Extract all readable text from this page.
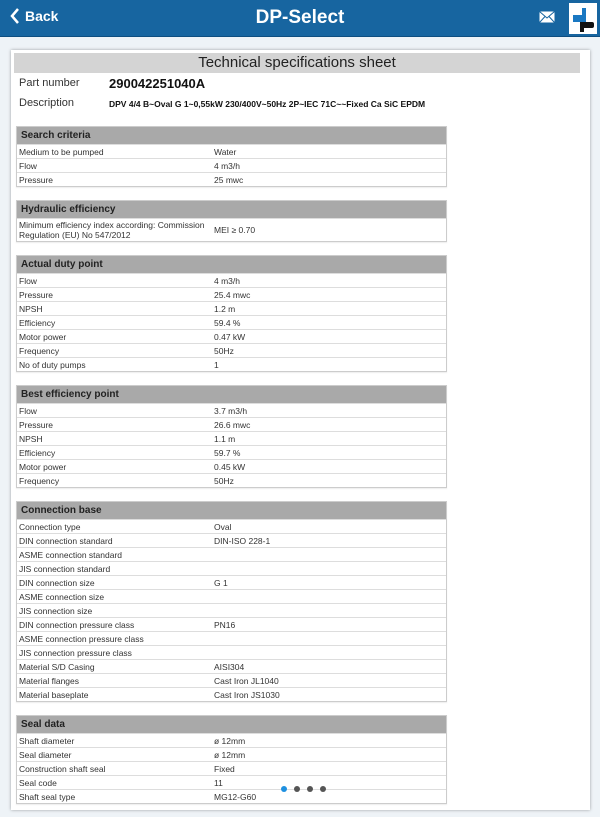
Back	DP-Select
Technical specifications sheet
Part number 290042251040A
Description	DPV 4/4 B~Oval G 1~0,55kW 230/400V~50Hz 2P~IEC 71C~~Fixed Ca SiC EPDM
Search criteria
Medium to be pumped	Water
Flow	4 m3/h
Pressure	25 mwc
Hydraulic efficiency
Minimum efficiency index according: Commission Regulation (EU) No 547/2012	MEI ≥ 0.70
Actual duty point
Flow	4 m3/h
Pressure	25.4 mwc
NPSH	1.2 m
Efficiency	59.4 %
Motor power	0.47 kW
Frequency	50Hz
No of duty pumps	1
Best efficiency point
Flow	3.7 m3/h
Pressure	26.6 mwc
NPSH	1.1 m
Efficiency	59.7 %
Motor power	0.45 kW
Frequency	50Hz
Connection base
Connection type	Oval
DIN connection standard	DIN-ISO 228-1
ASME connection standard
JIS connection standard
DIN connection size	G 1
ASME connection size
JIS connection size
DIN connection pressure class	PN16
ASME connection pressure class
JIS connection pressure class
Material S/D Casing	AISI304
Material flanges	Cast Iron JL1040
Material baseplate	Cast Iron JS1030
Seal data
Shaft diameter	ø 12mm
Seal diameter	ø 12mm
Construction shaft seal	Fixed
Seal code	11
Shaft seal type	MG12-G60
